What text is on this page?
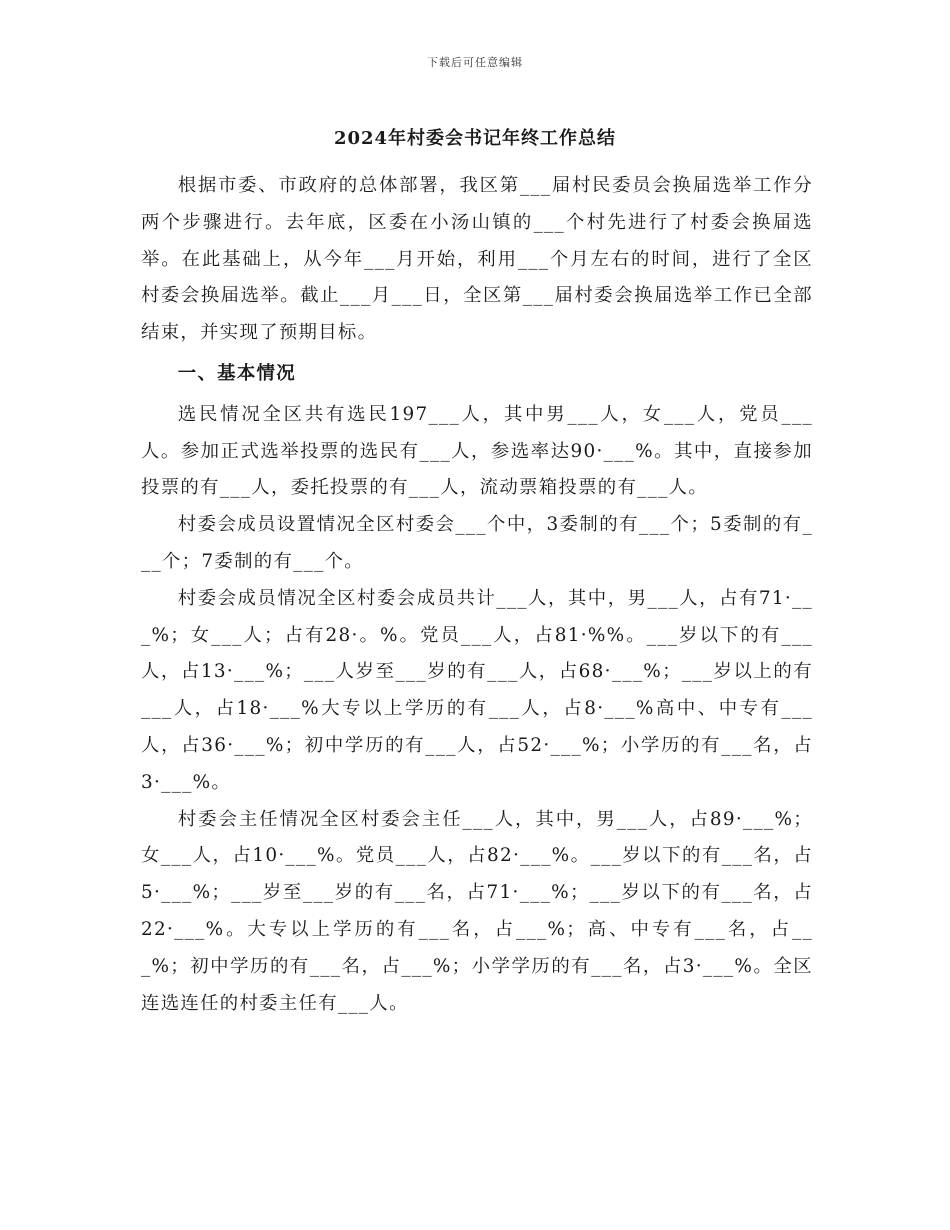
下载后可任意编辑
2024年村委会书记年终工作总结

根据市委、市政府的总体部署，我区第___届村民委员会换届选举工作分两个步骤进行。去年底，区委在小汤山镇的___个村先进行了村委会换届选举。在此基础上，从今年___月开始，利用___个月左右的时间，进行了全区村委会换届选举。截止___月___日，全区第___届村委会换届选举工作已全部结束，并实现了预期目标。

一、基本情况

选民情况全区共有选民197___人，其中男___人，女___人，党员___人。参加正式选举投票的选民有___人，参选率达90·___%。其中，直接参加投票的有___人，委托投票的有___人，流动票箱投票的有___人。

村委会成员设置情况全区村委会___个中，3委制的有___个；5委制的有___个；7委制的有___个。

村委会成员情况全区村委会成员共计___人，其中，男___人，占有71·___%；女___人；占有28·。%。党员___人，占81·%%。___岁以下的有___人，占13·___%；___人岁至___岁的有___人，占68·___%；___岁以上的有___人，占18·___%大专以上学历的有___人，占8·___%高中、中专有___人，占36·___%；初中学历的有___人，占52·___%；小学历的有___名，占3·___%。

村委会主任情况全区村委会主任___人，其中，男___人，占89·___%；女___人，占10·___%。党员___人，占82·___%。___岁以下的有___名，占5·___%；___岁至___岁的有___名，占71·___%；___岁以下的有___名，占22·___%。大专以上学历的有___名，占___%；高、中专有___名，占___%；初中学历的有___名，占___%；小学学历的有___名，占3·___%。全区连选连任的村委主任有___人。
